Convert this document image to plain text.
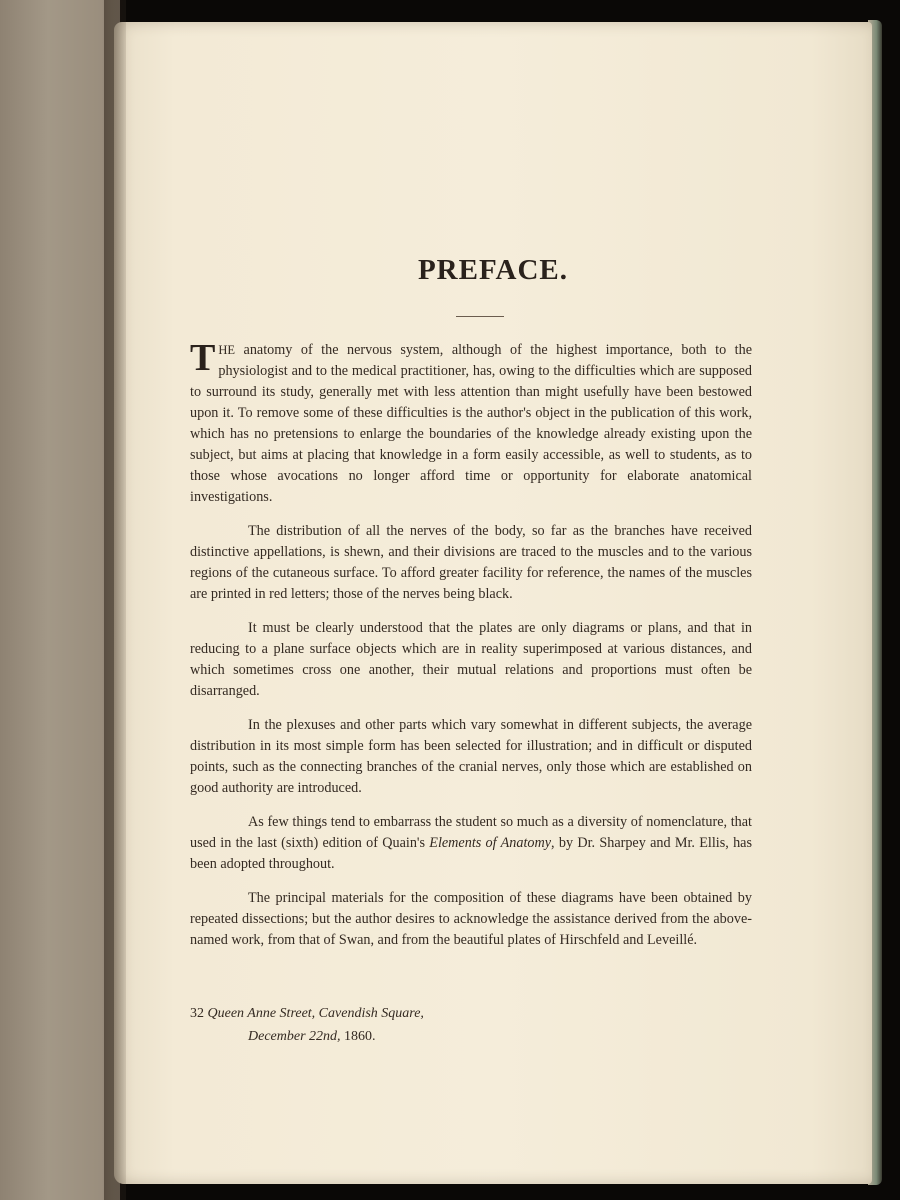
PREFACE.

THE anatomy of the nervous system, although of the highest importance, both to the physiologist and to the medical practitioner, has, owing to the difficulties which are supposed to surround its study, generally met with less attention than might usefully have been bestowed upon it. To remove some of these difficulties is the author's object in the publication of this work, which has no pretensions to enlarge the boundaries of the knowledge already existing upon the subject, but aims at placing that knowledge in a form easily accessible, as well to students, as to those whose avocations no longer afford time or opportunity for elaborate anatomical investigations.

The distribution of all the nerves of the body, so far as the branches have received distinctive appellations, is shewn, and their divisions are traced to the muscles and to the various regions of the cutaneous surface. To afford greater facility for reference, the names of the muscles are printed in red letters; those of the nerves being black.

It must be clearly understood that the plates are only diagrams or plans, and that in reducing to a plane surface objects which are in reality superimposed at various distances, and which sometimes cross one another, their mutual relations and proportions must often be disarranged.

In the plexuses and other parts which vary somewhat in different subjects, the average distribution in its most simple form has been selected for illustration; and in difficult or disputed points, such as the connecting branches of the cranial nerves, only those which are established on good authority are introduced.

As few things tend to embarrass the student so much as a diversity of nomenclature, that used in the last (sixth) edition of Quain's Elements of Anatomy, by Dr. Sharpey and Mr. Ellis, has been adopted throughout.

The principal materials for the composition of these diagrams have been obtained by repeated dissections; but the author desires to acknowledge the assistance derived from the above-named work, from that of Swan, and from the beautiful plates of Hirschfeld and Leveillé.

32 Queen Anne Street, Cavendish Square,
December 22nd, 1860.
